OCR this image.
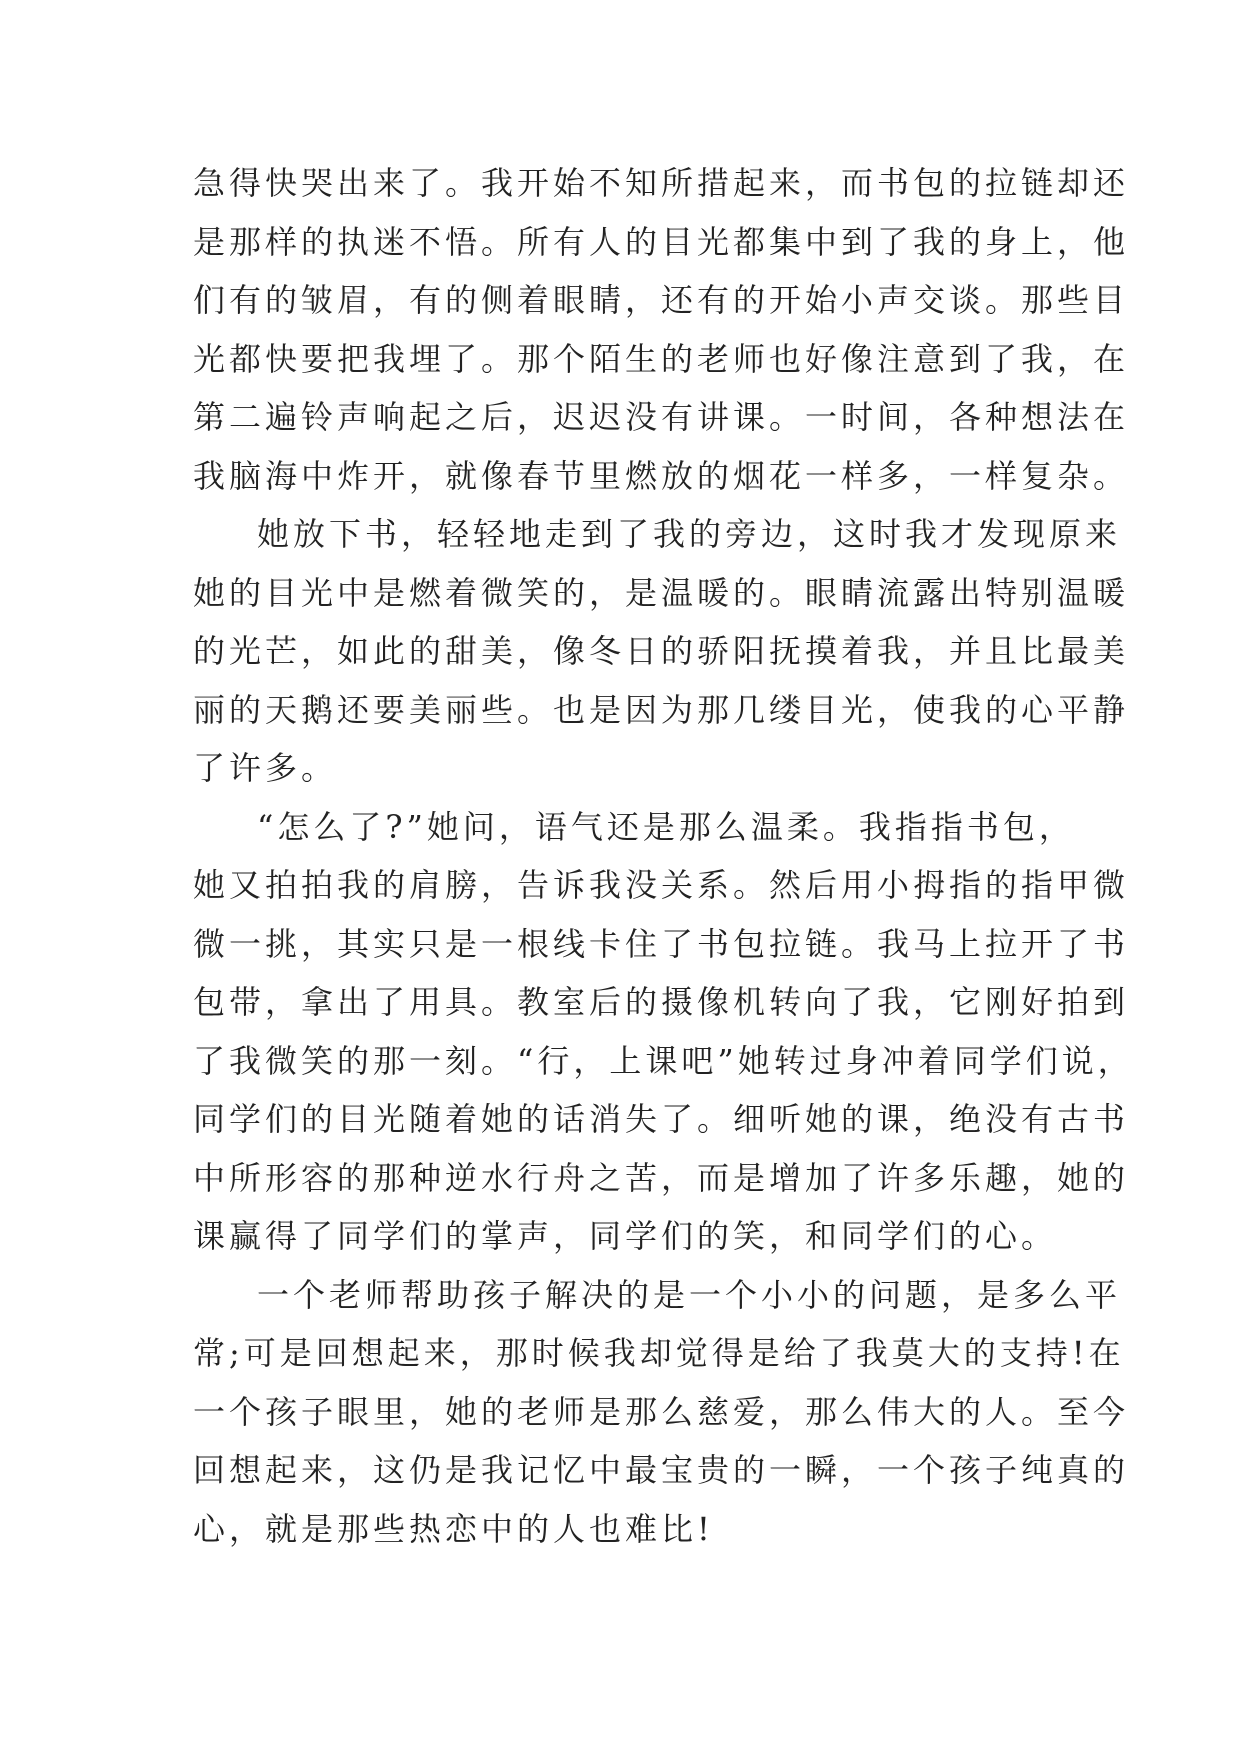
急得快哭出来了。我开始不知所措起来，而书包的拉链却还
是那样的执迷不悟。所有人的目光都集中到了我的身上，他
们有的皱眉，有的侧着眼睛，还有的开始小声交谈。那些目
光都快要把我埋了。那个陌生的老师也好像注意到了我，在
第二遍铃声响起之后，迟迟没有讲课。一时间，各种想法在
我脑海中炸开，就像春节里燃放的烟花一样多，一样复杂。
她放下书，轻轻地走到了我的旁边，这时我才发现原来
她的目光中是燃着微笑的，是温暖的。眼睛流露出特别温暖
的光芒，如此的甜美，像冬日的骄阳抚摸着我，并且比最美
丽的天鹅还要美丽些。也是因为那几缕目光，使我的心平静
了许多。
“怎么了?”她问，语气还是那么温柔。我指指书包，
她又拍拍我的肩膀，告诉我没关系。然后用小拇指的指甲微
微一挑，其实只是一根线卡住了书包拉链。我马上拉开了书
包带，拿出了用具。教室后的摄像机转向了我，它刚好拍到
了我微笑的那一刻。“行，上课吧”她转过身冲着同学们说，
同学们的目光随着她的话消失了。细听她的课，绝没有古书
中所形容的那种逆水行舟之苦，而是增加了许多乐趣，她的
课赢得了同学们的掌声，同学们的笑，和同学们的心。
一个老师帮助孩子解决的是一个小小的问题，是多么平
常;可是回想起来，那时候我却觉得是给了我莫大的支持!在
一个孩子眼里，她的老师是那么慈爱，那么伟大的人。至今
回想起来，这仍是我记忆中最宝贵的一瞬，一个孩子纯真的
心，就是那些热恋中的人也难比!
